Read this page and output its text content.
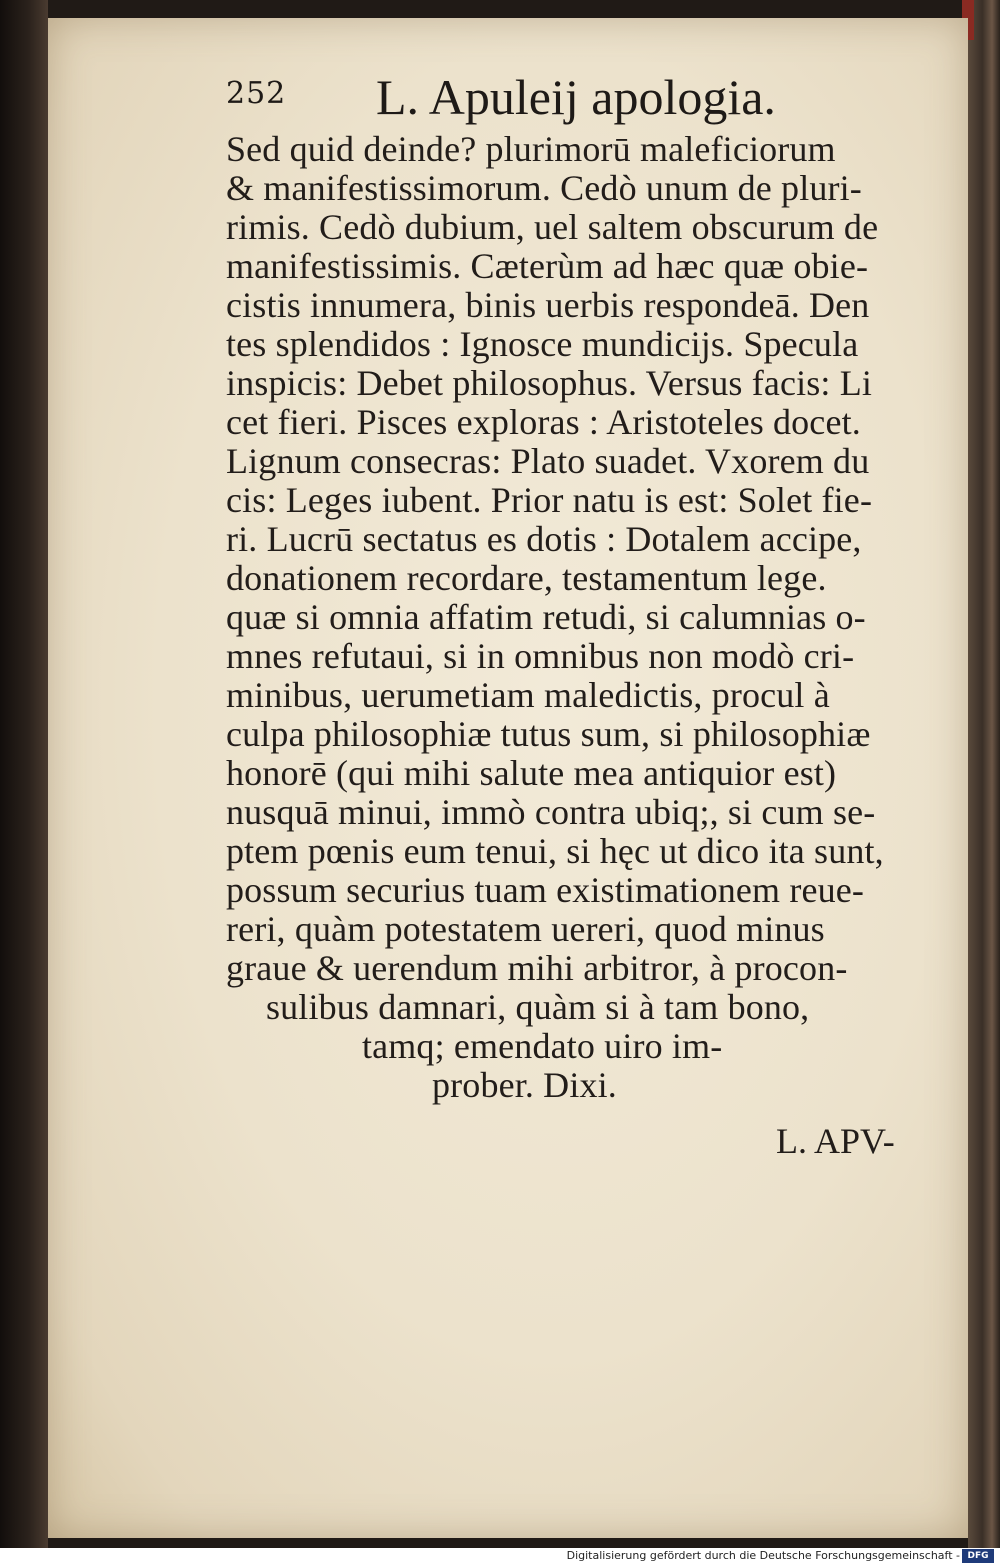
252 L. Apuleij apologia.
Sed quid deinde? plurimorū maleficiorum
& manifestissimorum. Cedò unum de pluri-
rimis. Cedò dubium, uel saltem obscurum de
manifestissimis. Cæterùm ad hæc quæ obie-
cistis innumera, binis uerbis respondeā. Den
tes splendidos : Ignosce mundicijs. Specula
inspicis: Debet philosophus. Versus facis: Li
cet fieri. Pisces exploras : Aristoteles docet.
Lignum consecras: Plato suadet. Vxorem du
cis: Leges iubent. Prior natu is est: Solet fie-
ri. Lucrū sectatus es dotis : Dotalem accipe,
donationem recordare, testamentum lege.
quæ si omnia affatim retudi, si calumnias o-
mnes refutaui, si in omnibus non modò cri-
minibus, uerumetiam maledictis, procul à
culpa philosophiæ tutus sum, si philosophiæ
honorē (qui mihi salute mea antiquior est)
nusquā minui, immò contra ubiq;, si cum se-
ptem pœnis eum tenui, si hęc ut dico ita sunt,
possum securius tuam existimationem reue-
reri, quàm potestatem uereri, quod minus
graue & uerendum mihi arbitror, à procon-
sulibus damnari, quàm si à tam bono,
tamq; emendato uiro im-
prober. Dixi.
L. APV-
Digitalisierung gefördert durch die Deutsche Forschungsgemeinschaft - DFG
